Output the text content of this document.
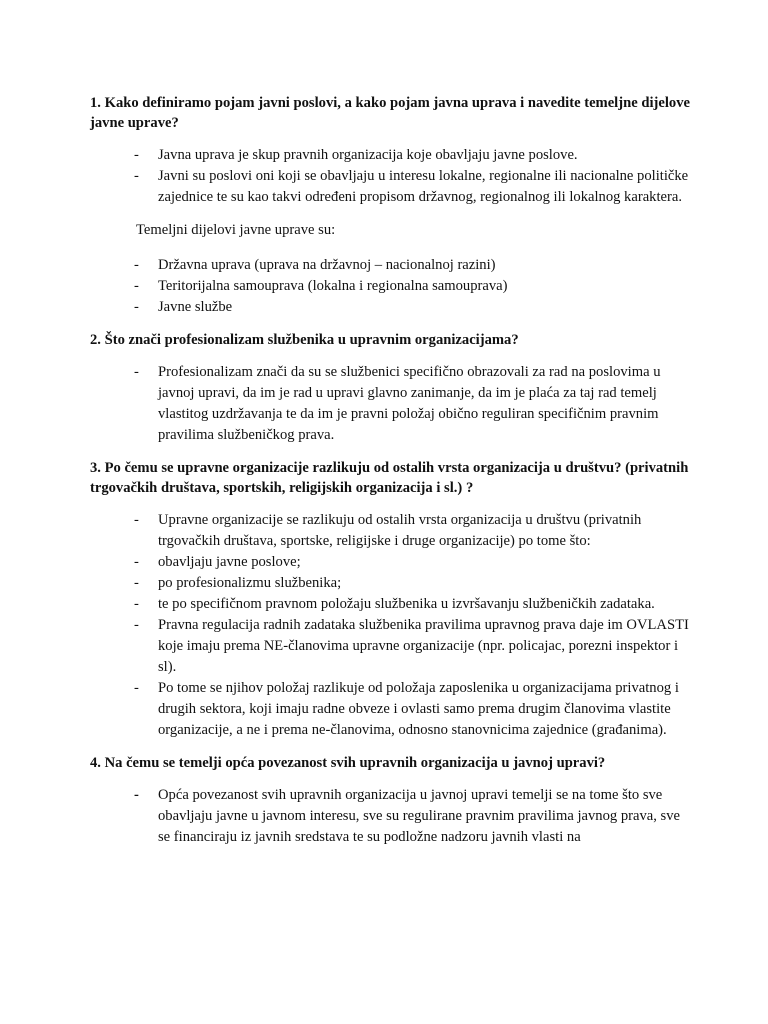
1. Kako definiramo pojam javni poslovi, a kako pojam javna uprava i navedite temeljne dijelove javne uprave?
- Javna uprava je skup pravnih organizacija koje obavljaju javne poslove.
- Javni su poslovi oni koji se obavljaju u interesu lokalne, regionalne ili nacionalne političke zajednice te su kao takvi određeni propisom državnog, regionalnog ili lokalnog karaktera.
Temeljni dijelovi javne uprave su:
- Državna uprava (uprava na državnoj – nacionalnoj razini)
- Teritorijalna samouprava (lokalna i regionalna samouprava)
- Javne službe
2. Što znači profesionalizam službenika u upravnim organizacijama?
- Profesionalizam znači da su se službenici specifično obrazovali za rad na poslovima u javnoj upravi, da im je rad u upravi glavno zanimanje, da im je plaća za taj rad temelj vlastitog uzdržavanja te da im je pravni položaj obično reguliran specifičnim pravnim pravilima službeničkog prava.
3. Po čemu se upravne organizacije razlikuju od ostalih vrsta organizacija u društvu? (privatnih trgovačkih društava, sportskih, religijskih organizacija i sl.) ?
- Upravne organizacije se razlikuju od ostalih vrsta organizacija u društvu (privatnih trgovačkih društava, sportske, religijske i druge organizacije) po tome što:
- obavljaju javne poslove;
- po profesionalizmu službenika;
- te po specifičnom pravnom položaju službenika u izvršavanju službeničkih zadataka.
- Pravna regulacija radnih zadataka službenika pravilima upravnog prava daje im OVLASTI koje imaju prema NE-članovima upravne organizacije (npr. policajac, porezni inspektor i sl).
- Po tome se njihov položaj razlikuje od položaja zaposlenika u organizacijama privatnog i drugih sektora, koji imaju radne obveze i ovlasti samo prema drugim članovima vlastite organizacije, a ne i prema ne-članovima, odnosno stanovnicima zajednice (građanima).
4. Na čemu se temelji opća povezanost svih upravnih organizacija u javnoj upravi?
- Opća povezanost svih upravnih organizacija u javnoj upravi temelji se na tome što sve obavljaju javne u javnom interesu, sve su regulirane pravnim pravilima javnog prava, sve se financiraju iz javnih sredstava te su podložne nadzoru javnih vlasti na
